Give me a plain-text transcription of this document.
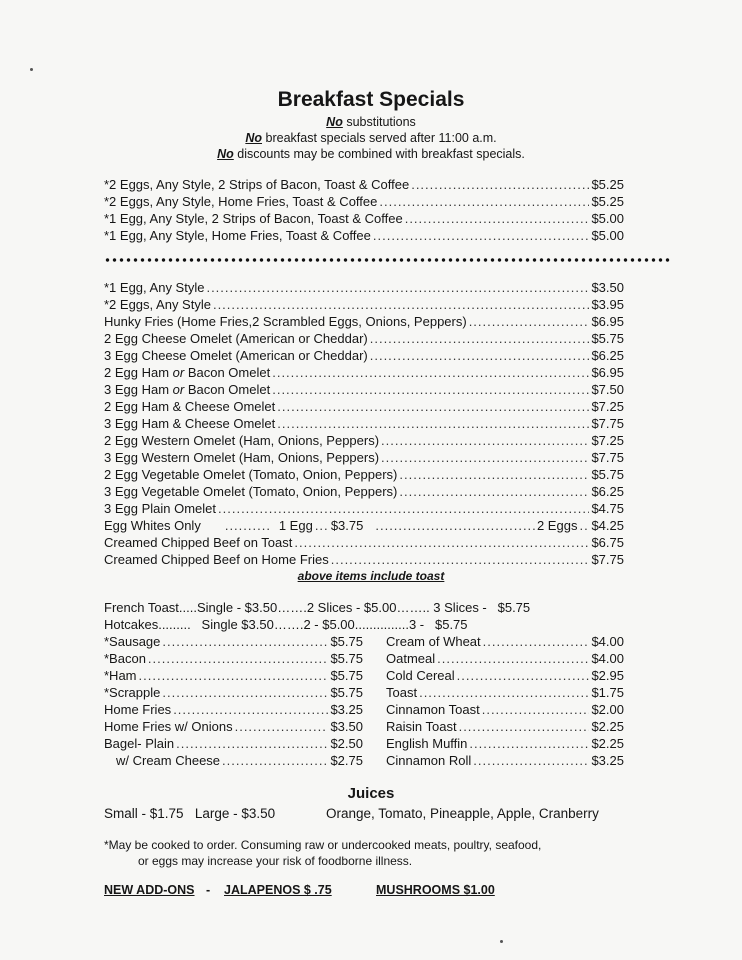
Breakfast Specials
No substitutions
No breakfast specials served after 11:00 a.m.
No discounts may be combined with breakfast specials.
*2 Eggs, Any Style, 2 Strips of Bacon, Toast & Coffee .....	$5.25
*2 Eggs, Any Style, Home Fries, Toast & Coffee .....	$5.25
*1 Egg, Any Style, 2 Strips of Bacon, Toast & Coffee .....	$5.00
*1 Egg, Any Style, Home Fries, Toast & Coffee .....	$5.00
*1 Egg, Any Style .....	$3.50
*2 Eggs, Any Style .....	$3.95
Hunky Fries (Home Fries,2 Scrambled Eggs, Onions, Peppers) .....	$6.95
2 Egg Cheese Omelet (American or Cheddar) .....	$5.75
3 Egg Cheese Omelet (American or Cheddar) .....	$6.25
2 Egg Ham or Bacon Omelet .....	$6.95
3 Egg Ham or Bacon Omelet .....	$7.50
2 Egg Ham & Cheese Omelet .....	$7.25
3 Egg Ham & Cheese Omelet .....	$7.75
2 Egg Western Omelet (Ham, Onions, Peppers) .....	$7.25
3 Egg Western Omelet (Ham, Onions, Peppers) .....	$7.75
2 Egg Vegetable Omelet (Tomato, Onion, Peppers) .....	$5.75
3 Egg Vegetable Omelet (Tomato, Onion, Peppers) .....	$6.25
3 Egg Plain Omelet .....	$4.75
Egg Whites Only .....	1 Egg ..... $3.75 .....	2 Eggs ..... $4.25
Creamed Chipped Beef on Toast .....	$6.75
Creamed Chipped Beef on Home Fries .....	$7.75
above items include toast
French Toast.....Single - $3.50…….2 Slices - $5.00…….. 3 Slices - $5.75
Hotcakes.........   Single $3.50…….2 - $5.00...............3 - $5.75
*Sausage .....	$5.75
*Bacon .....	$5.75
*Ham .....	$5.75
*Scrapple .....	$5.75
Home Fries .....	$3.25
Home Fries w/ Onions .....	$3.50
Bagel- Plain .....	$2.50
w/ Cream Cheese .....	$2.75
Cream of Wheat .....	$4.00
Oatmeal .....	$4.00
Cold Cereal .....	$2.95
Toast .....	$1.75
Cinnamon Toast .....	$2.00
Raisin Toast .....	$2.25
English Muffin .....	$2.25
Cinnamon Roll .....	$3.25
Juices
Small - $1.75 Large - $3.50	Orange, Tomato, Pineapple, Apple, Cranberry
*May be cooked to order. Consuming raw or undercooked meats, poultry, seafood,
or eggs may increase your risk of foodborne illness.
NEW ADD-ONS - JALAPENOS $ .75	MUSHROOMS $1.00
